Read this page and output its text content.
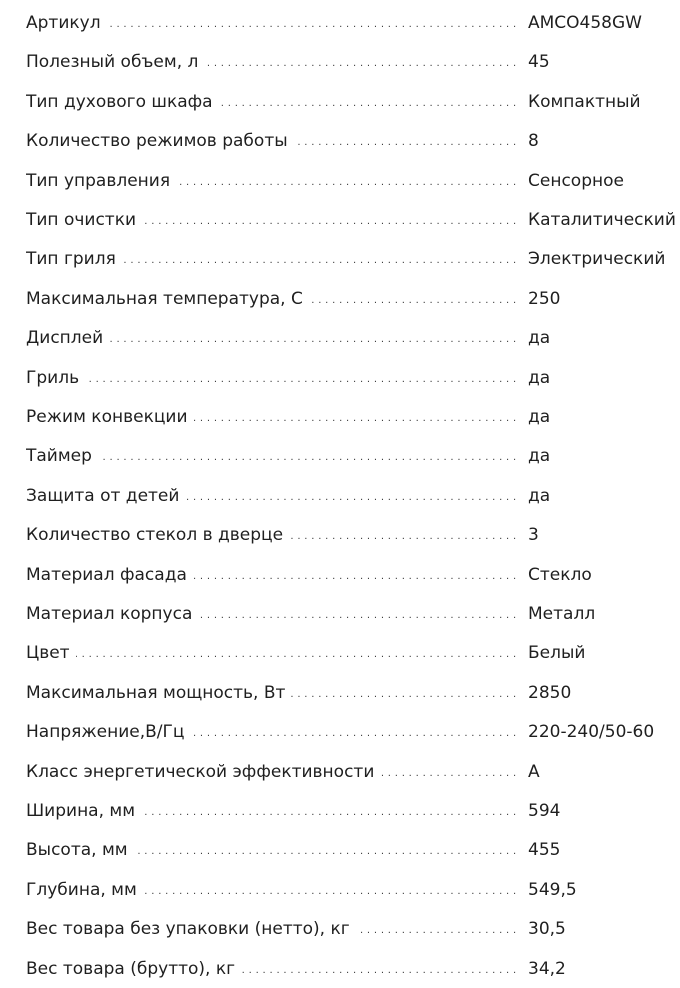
Артикул . . .	AMCO458GW
Полезный объем, л . . .	45
Тип духового шкафа . . .	Компактный
Количество режимов работы . . .	8
Тип управления . . .	Сенсорное
Тип очистки . . .	Каталитический
Тип гриля . . .	Электрический
Максимальная температура, С . . .	250
Дисплей . . .	да
Гриль . . .	да
Режим конвекции . . .	да
Таймер . . .	да
Защита от детей . . .	да
Количество стекол в дверце . . .	3
Материал фасада . . .	Стекло
Материал корпуса . . .	Металл
Цвет . . .	Белый
Максимальная мощность, Вт . . .	2850
Напряжение,В/Гц . . .	220-240/50-60
Класс энергетической эффективности . . .	A
Ширина, мм . . .	594
Высота, мм . . .	455
Глубина, мм . . .	549,5
Вес товара без упаковки (нетто), кг . . .	30,5
Вес товара (брутто), кг . . .	34,2
